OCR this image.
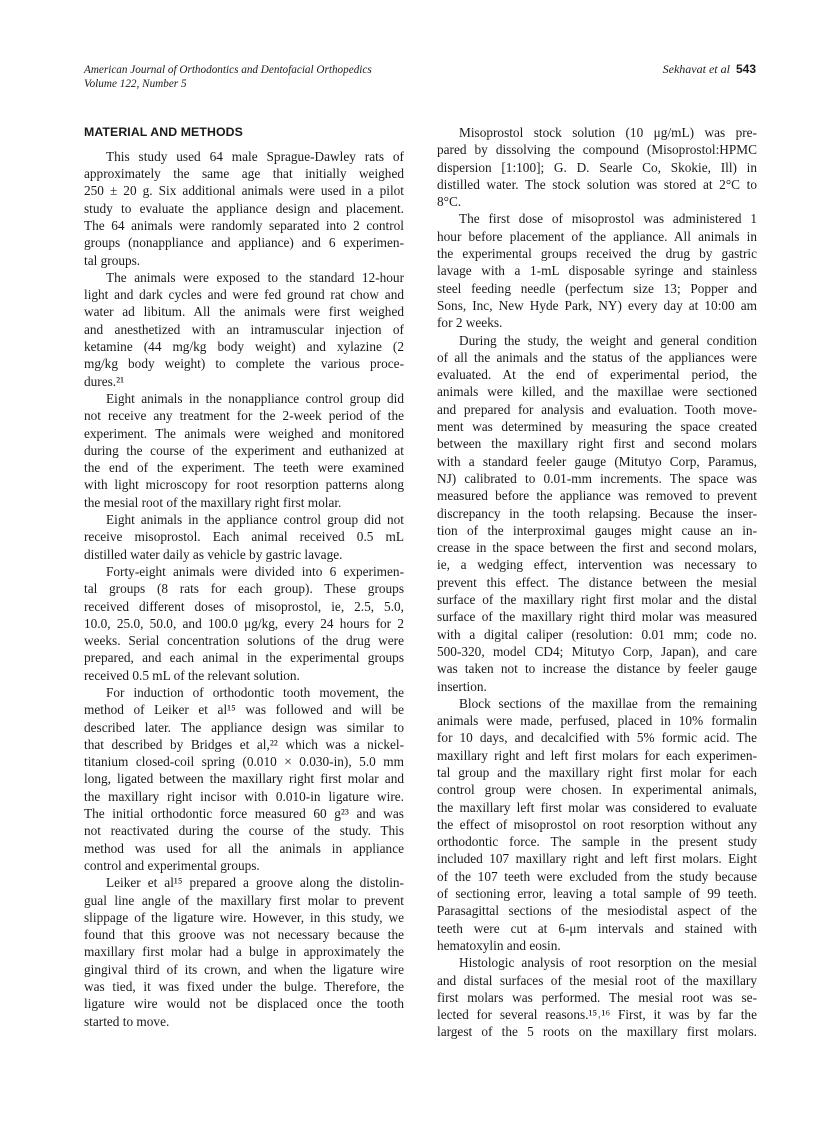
American Journal of Orthodontics and Dentofacial Orthopedics
Volume 122, Number 5
Sekhavat et al 543
MATERIAL AND METHODS
This study used 64 male Sprague-Dawley rats of
approximately the same age that initially weighed
250 ± 20 g. Six additional animals were used in a pilot
study to evaluate the appliance design and placement.
The 64 animals were randomly separated into 2 control
groups (nonappliance and appliance) and 6 experimen-
tal groups.
The animals were exposed to the standard 12-hour
light and dark cycles and were fed ground rat chow and
water ad libitum. All the animals were first weighed
and anesthetized with an intramuscular injection of
ketamine (44 mg/kg body weight) and xylazine (2
mg/kg body weight) to complete the various proce-
dures.²¹
Eight animals in the nonappliance control group did
not receive any treatment for the 2-week period of the
experiment. The animals were weighed and monitored
during the course of the experiment and euthanized at
the end of the experiment. The teeth were examined
with light microscopy for root resorption patterns along
the mesial root of the maxillary right first molar.
Eight animals in the appliance control group did not
receive misoprostol. Each animal received 0.5 mL
distilled water daily as vehicle by gastric lavage.
Forty-eight animals were divided into 6 experimen-
tal groups (8 rats for each group). These groups
received different doses of misoprostol, ie, 2.5, 5.0,
10.0, 25.0, 50.0, and 100.0 μg/kg, every 24 hours for 2
weeks. Serial concentration solutions of the drug were
prepared, and each animal in the experimental groups
received 0.5 mL of the relevant solution.
For induction of orthodontic tooth movement, the
method of Leiker et al¹⁵ was followed and will be
described later. The appliance design was similar to
that described by Bridges et al,²² which was a nickel-
titanium closed-coil spring (0.010 × 0.030-in), 5.0 mm
long, ligated between the maxillary right first molar and
the maxillary right incisor with 0.010-in ligature wire.
The initial orthodontic force measured 60 g²³ and was
not reactivated during the course of the study. This
method was used for all the animals in appliance
control and experimental groups.
Leiker et al¹⁵ prepared a groove along the distolin-
gual line angle of the maxillary first molar to prevent
slippage of the ligature wire. However, in this study, we
found that this groove was not necessary because the
maxillary first molar had a bulge in approximately the
gingival third of its crown, and when the ligature wire
was tied, it was fixed under the bulge. Therefore, the
ligature wire would not be displaced once the tooth
started to move.
Misoprostol stock solution (10 μg/mL) was pre-
pared by dissolving the compound (Misoprostol:HPMC
dispersion [1:100]; G. D. Searle Co, Skokie, Ill) in
distilled water. The stock solution was stored at 2°C to
8°C.
The first dose of misoprostol was administered 1
hour before placement of the appliance. All animals in
the experimental groups received the drug by gastric
lavage with a 1-mL disposable syringe and stainless
steel feeding needle (perfectum size 13; Popper and
Sons, Inc, New Hyde Park, NY) every day at 10:00 am
for 2 weeks.
During the study, the weight and general condition
of all the animals and the status of the appliances were
evaluated. At the end of experimental period, the
animals were killed, and the maxillae were sectioned
and prepared for analysis and evaluation. Tooth move-
ment was determined by measuring the space created
between the maxillary right first and second molars
with a standard feeler gauge (Mitutyo Corp, Paramus,
NJ) calibrated to 0.01-mm increments. The space was
measured before the appliance was removed to prevent
discrepancy in the tooth relapsing. Because the inser-
tion of the interproximal gauges might cause an in-
crease in the space between the first and second molars,
ie, a wedging effect, intervention was necessary to
prevent this effect. The distance between the mesial
surface of the maxillary right first molar and the distal
surface of the maxillary right third molar was measured
with a digital caliper (resolution: 0.01 mm; code no.
500-320, model CD4; Mitutyo Corp, Japan), and care
was taken not to increase the distance by feeler gauge
insertion.
Block sections of the maxillae from the remaining
animals were made, perfused, placed in 10% formalin
for 10 days, and decalcified with 5% formic acid. The
maxillary right and left first molars for each experimen-
tal group and the maxillary right first molar for each
control group were chosen. In experimental animals,
the maxillary left first molar was considered to evaluate
the effect of misoprostol on root resorption without any
orthodontic force. The sample in the present study
included 107 maxillary right and left first molars. Eight
of the 107 teeth were excluded from the study because
of sectioning error, leaving a total sample of 99 teeth.
Parasagittal sections of the mesiodistal aspect of the
teeth were cut at 6-μm intervals and stained with
hematoxylin and eosin.
Histologic analysis of root resorption on the mesial
and distal surfaces of the mesial root of the maxillary
first molars was performed. The mesial root was se-
lected for several reasons.¹⁵˒¹⁶ First, it was by far the
largest of the 5 roots on the maxillary first molars.
